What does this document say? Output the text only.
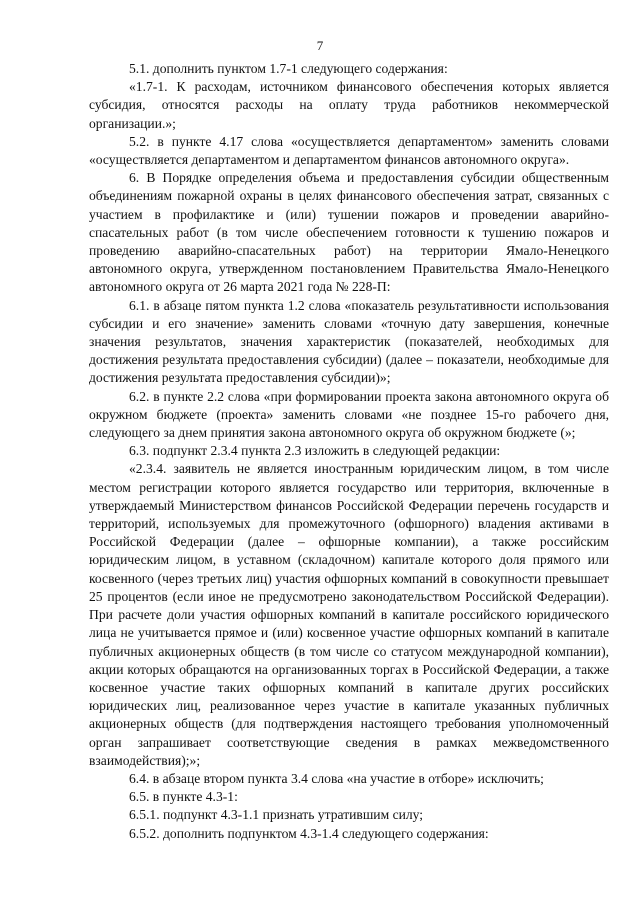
7

5.1. дополнить пунктом 1.7-1 следующего содержания:

«1.7-1. К расходам, источником финансового обеспечения которых является субсидия, относятся расходы на оплату труда работников некоммерческой организации.»;

5.2. в пункте 4.17 слова «осуществляется департаментом» заменить словами «осуществляется департаментом и департаментом финансов автономного округа».

6. В Порядке определения объема и предоставления субсидии общественным объединениям пожарной охраны в целях финансового обеспечения затрат, связанных с участием в профилактике и (или) тушении пожаров и проведении аварийно-спасательных работ (в том числе обеспечением готовности к тушению пожаров и проведению аварийно-спасательных работ) на территории Ямало-Ненецкого автономного округа, утвержденном постановлением Правительства Ямало-Ненецкого автономного округа от 26 марта 2021 года № 228-П:

6.1. в абзаце пятом пункта 1.2 слова «показатель результативности использования субсидии и его значение» заменить словами «точную дату завершения, конечные значения результатов, значения характеристик (показателей, необходимых для достижения результата предоставления субсидии) (далее – показатели, необходимые для достижения результата предоставления субсидии)»;

6.2. в пункте 2.2 слова «при формировании проекта закона автономного округа об окружном бюджете (проекта» заменить словами «не позднее 15-го рабочего дня, следующего за днем принятия закона автономного округа об окружном бюджете (»;

6.3. подпункт 2.3.4 пункта 2.3 изложить в следующей редакции:

«2.3.4. заявитель не является иностранным юридическим лицом, в том числе местом регистрации которого является государство или территория, включенные в утверждаемый Министерством финансов Российской Федерации перечень государств и территорий, используемых для промежуточного (офшорного) владения активами в Российской Федерации (далее – офшорные компании), а также российским юридическим лицом, в уставном (складочном) капитале которого доля прямого или косвенного (через третьих лиц) участия офшорных компаний в совокупности превышает 25 процентов (если иное не предусмотрено законодательством Российской Федерации). При расчете доли участия офшорных компаний в капитале российского юридического лица не учитывается прямое и (или) косвенное участие офшорных компаний в капитале публичных акционерных обществ (в том числе со статусом международной компании), акции которых обращаются на организованных торгах в Российской Федерации, а также косвенное участие таких офшорных компаний в капитале других российских юридических лиц, реализованное через участие в капитале указанных публичных акционерных обществ (для подтверждения настоящего требования уполномоченный орган запрашивает соответствующие сведения в рамках межведомственного взаимодействия);»;

6.4. в абзаце втором пункта 3.4 слова «на участие в отборе» исключить;

6.5. в пункте 4.3-1:

6.5.1. подпункт 4.3-1.1 признать утратившим силу;

6.5.2. дополнить подпунктом 4.3-1.4 следующего содержания:
